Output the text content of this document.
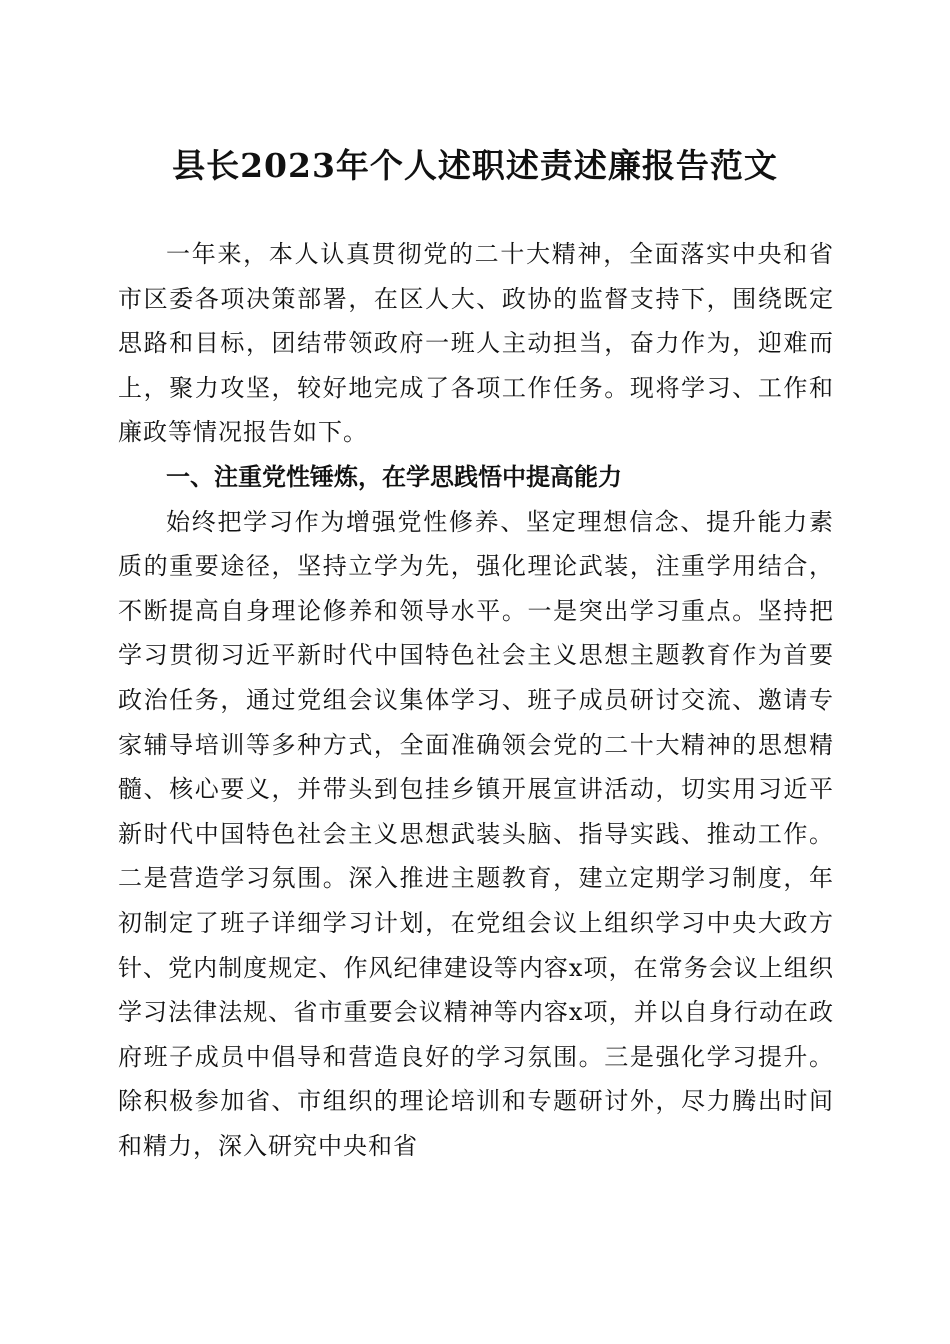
县长2023年个人述职述责述廉报告范文

一年来，本人认真贯彻党的二十大精神，全面落实中央和省市区委各项决策部署，在区人大、政协的监督支持下，围绕既定思路和目标，团结带领政府一班人主动担当，奋力作为，迎难而上，聚力攻坚，较好地完成了各项工作任务。现将学习、工作和廉政等情况报告如下。

一、注重党性锤炼，在学思践悟中提高能力

始终把学习作为增强党性修养、坚定理想信念、提升能力素质的重要途径，坚持立学为先，强化理论武装，注重学用结合，不断提高自身理论修养和领导水平。一是突出学习重点。坚持把学习贯彻习近平新时代中国特色社会主义思想主题教育作为首要政治任务，通过党组会议集体学习、班子成员研讨交流、邀请专家辅导培训等多种方式，全面准确领会党的二十大精神的思想精髓、核心要义，并带头到包挂乡镇开展宣讲活动，切实用习近平新时代中国特色社会主义思想武装头脑、指导实践、推动工作。二是营造学习氛围。深入推进主题教育，建立定期学习制度，年初制定了班子详细学习计划，在党组会议上组织学习中央大政方针、党内制度规定、作风纪律建设等内容x项，在常务会议上组织学习法律法规、省市重要会议精神等内容x项，并以自身行动在政府班子成员中倡导和营造良好的学习氛围。三是强化学习提升。除积极参加省、市组织的理论培训和专题研讨外，尽力腾出时间和精力，深入研究中央和省
